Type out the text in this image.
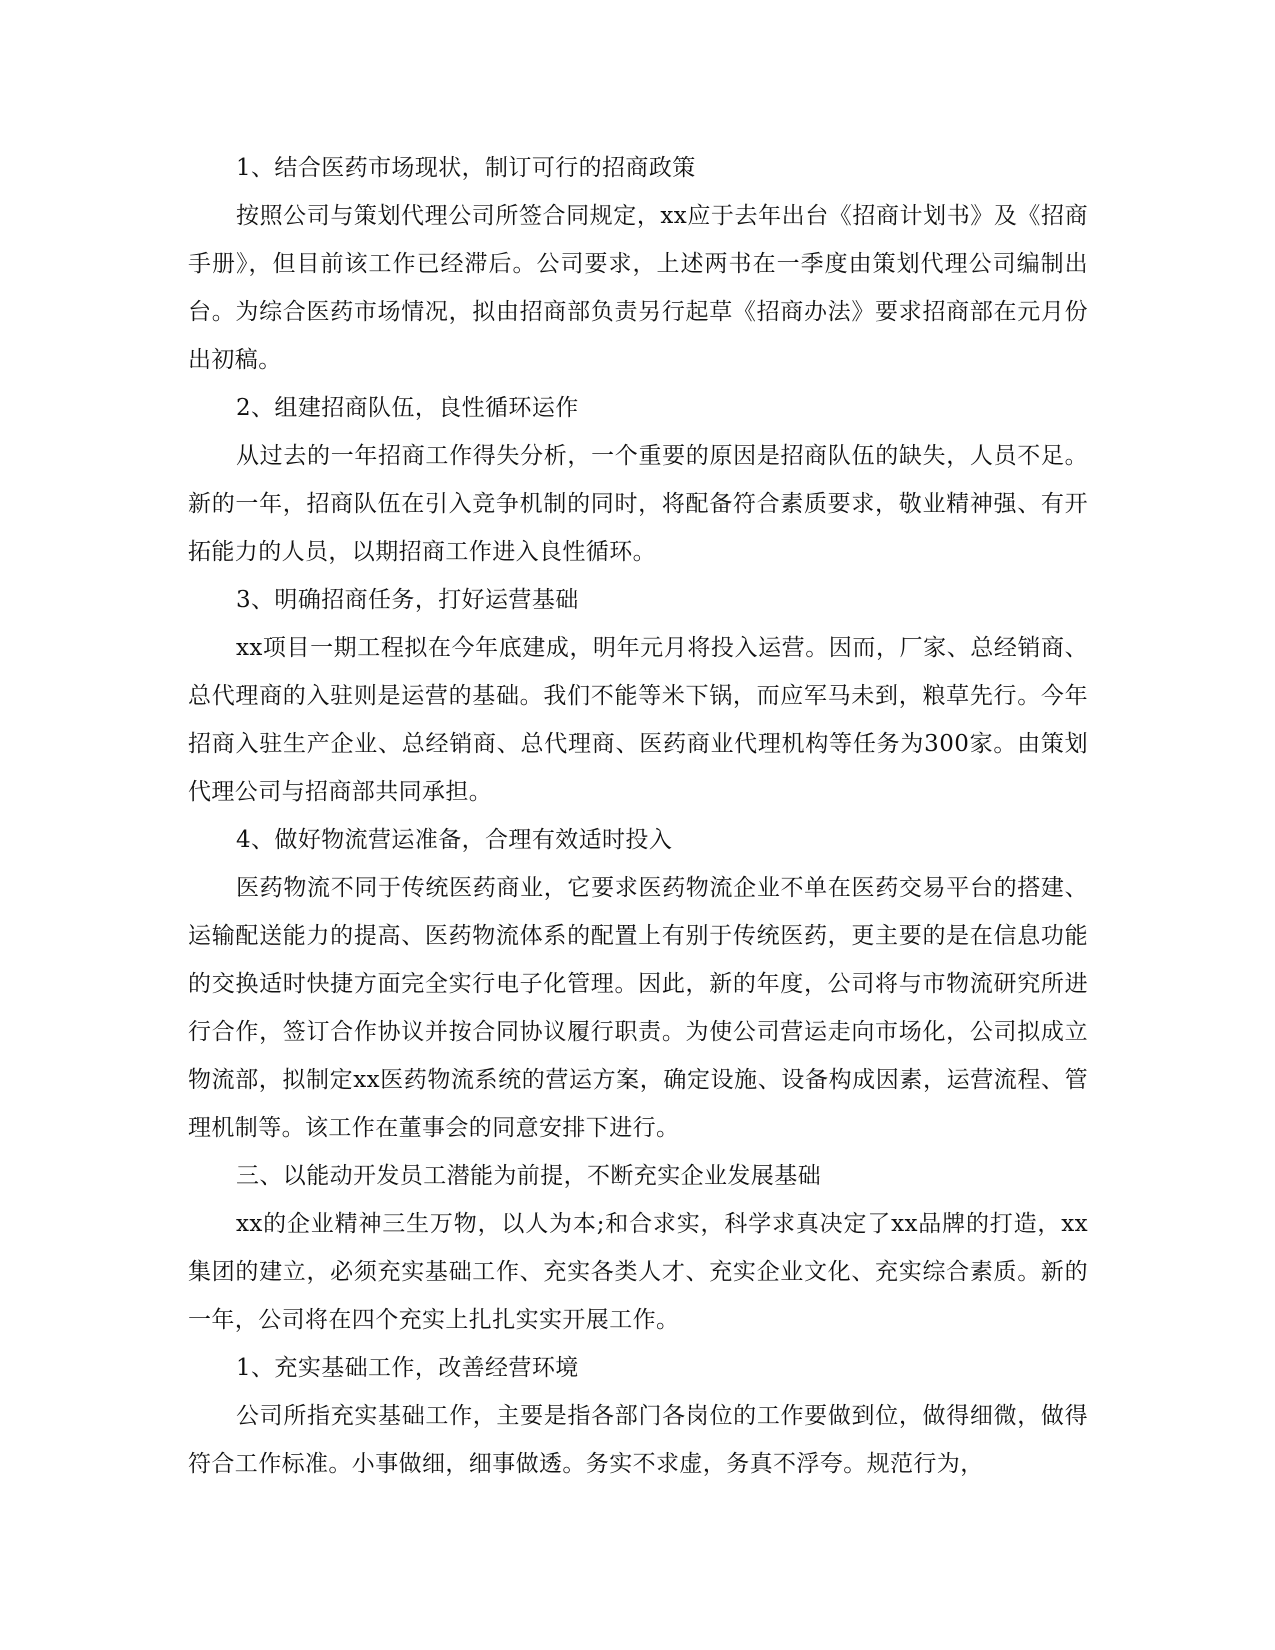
1、结合医药市场现状，制订可行的招商政策

按照公司与策划代理公司所签合同规定，xx应于去年出台《招商计划书》及《招商手册》，但目前该工作已经滞后。公司要求，上述两书在一季度由策划代理公司编制出台。为综合医药市场情况，拟由招商部负责另行起草《招商办法》要求招商部在元月份出初稿。

2、组建招商队伍，良性循环运作

从过去的一年招商工作得失分析，一个重要的原因是招商队伍的缺失，人员不足。新的一年，招商队伍在引入竞争机制的同时，将配备符合素质要求，敬业精神强、有开拓能力的人员，以期招商工作进入良性循环。

3、明确招商任务，打好运营基础

xx项目一期工程拟在今年底建成，明年元月将投入运营。因而，厂家、总经销商、总代理商的入驻则是运营的基础。我们不能等米下锅，而应军马未到，粮草先行。今年招商入驻生产企业、总经销商、总代理商、医药商业代理机构等任务为300家。由策划代理公司与招商部共同承担。

4、做好物流营运准备，合理有效适时投入

医药物流不同于传统医药商业，它要求医药物流企业不单在医药交易平台的搭建、运输配送能力的提高、医药物流体系的配置上有别于传统医药，更主要的是在信息功能的交换适时快捷方面完全实行电子化管理。因此，新的年度，公司将与市物流研究所进行合作，签订合作协议并按合同协议履行职责。为使公司营运走向市场化，公司拟成立物流部，拟制定xx医药物流系统的营运方案，确定设施、设备构成因素，运营流程、管理机制等。该工作在董事会的同意安排下进行。

三、以能动开发员工潜能为前提，不断充实企业发展基础

xx的企业精神三生万物，以人为本;和合求实，科学求真决定了xx品牌的打造，xx集团的建立，必须充实基础工作、充实各类人才、充实企业文化、充实综合素质。新的一年，公司将在四个充实上扎扎实实开展工作。

1、充实基础工作，改善经营环境

公司所指充实基础工作，主要是指各部门各岗位的工作要做到位，做得细微，做得符合工作标准。小事做细，细事做透。务实不求虚，务真不浮夸。规范行为，
